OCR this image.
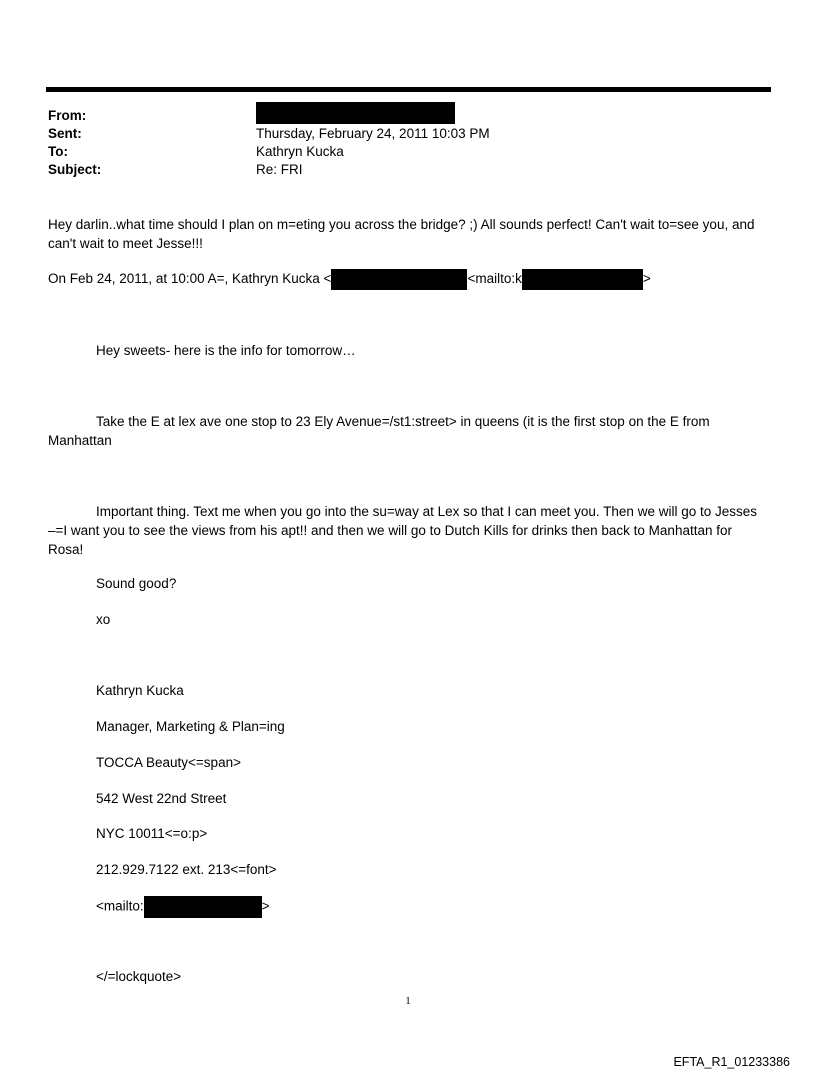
From:
Sent:	Thursday, February 24, 2011 10:03 PM
To:	Kathryn Kucka
Subject:	Re: FRI
Hey darlin..what time should I plan on m=eting you across the bridge? ;) All sounds perfect! Can't wait to=see you, and
can't wait to meet Jesse!!!
On Feb 24, 2011, at 10:00 A=, Kathryn Kucka <	<mailto:k	>
Hey sweets- here is the info for tomorrow…
Take the E at lex ave one stop to 23 Ely Avenue=/st1:street> in queens (it is the first stop on the E from
Manhattan
Important thing. Text me when you go into the su=way at Lex so that I can meet you. Then we will go to Jesses
–=I want you to see the views from his apt!! and then we will go to Dutch Kills for drinks then back to Manhattan for
Rosa!
Sound good?
xo
Kathryn Kucka
Manager, Marketing & Plan=ing
TOCCA Beauty<=span>
542 West 22nd Street
NYC 10011<=o:p>
212.929.7122 ext. 213<=font>
<mailto:	>
</=lockquote>
1
EFTA_R1_01233386
